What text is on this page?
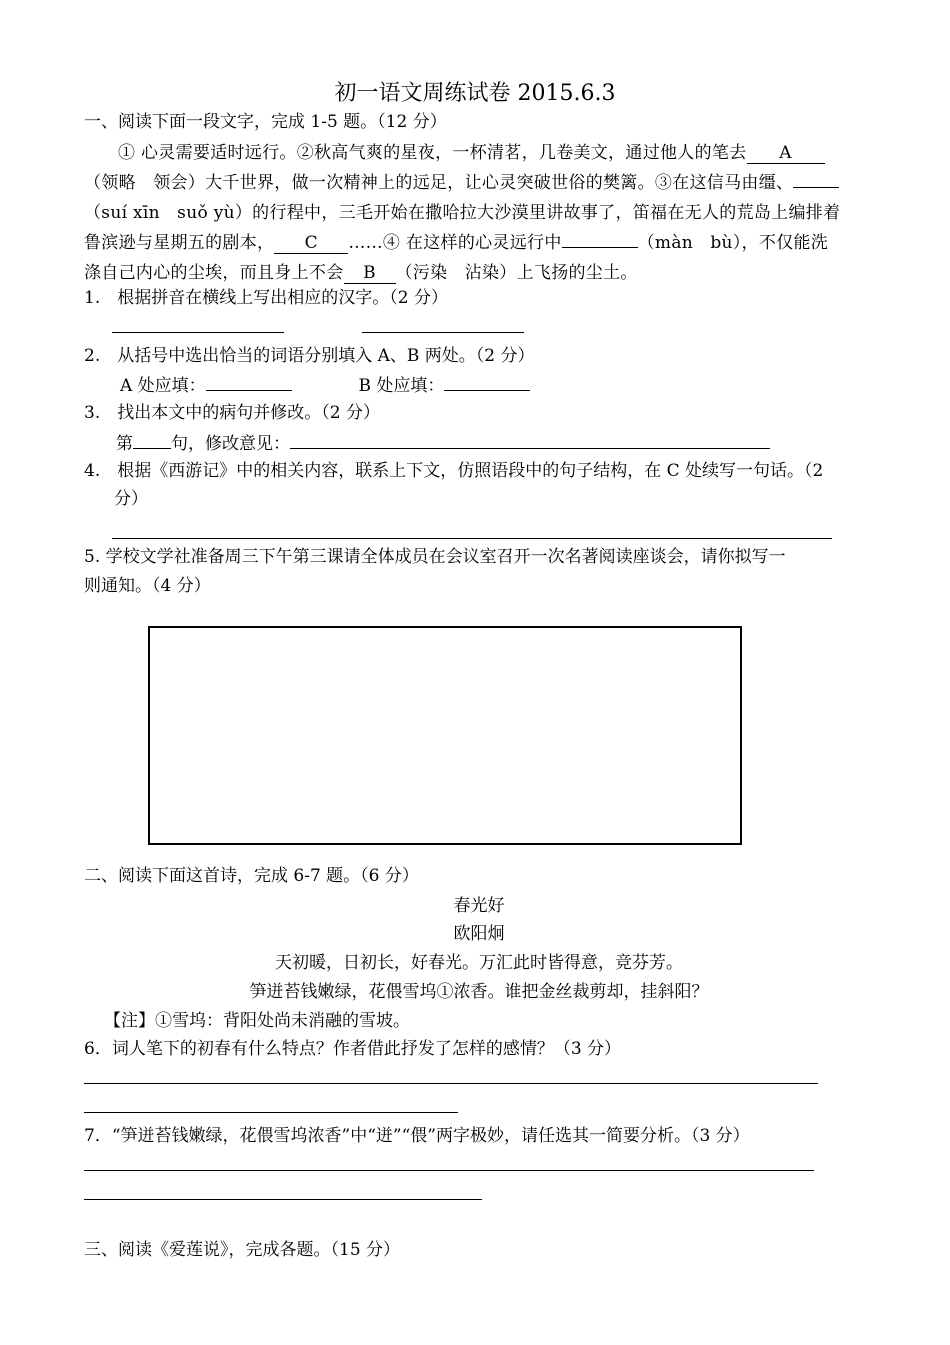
初一语文周练试卷 2015.6.3
一、阅读下面一段文字，完成 1-5 题。（12 分）
① 心灵需要适时远行。②秋高气爽的星夜，一杯清茗，几卷美文，通过他人的笔去 A
（领略　领会）大千世界，做一次精神上的远足，让心灵突破世俗的樊篱。③在这信马由缰、
（suí xīn　suǒ yù）的行程中，三毛开始在撒哈拉大沙漠里讲故事了，笛福在无人的荒岛上编排着
鲁滨逊与星期五的剧本， C ……④ 在这样的心灵远行中	（màn　bù），不仅能洗
涤自己内心的尘埃，而且身上不会 B （污染　沾染）上飞扬的尘土。
1.　根据拼音在横线上写出相应的汉字。（2 分）
2.　从括号中选出恰当的词语分别填入 A、B 两处。（2 分）
A 处应填：	B 处应填：
3.　找出本文中的病句并修改。（2 分）
第 句，修改意见：
4.　根据《西游记》中的相关内容，联系上下文，仿照语段中的句子结构，在 C 处续写一句话。（2
分）
5. 学校文学社准备周三下午第三课请全体成员在会议室召开一次名著阅读座谈会，请你拟写一
则通知。（4 分）
二、阅读下面这首诗，完成 6-7 题。（6 分）
春光好
欧阳炯
天初暖，日初长，好春光。万汇此时皆得意，竞芬芳。
笋迸苔钱嫩绿，花偎雪坞①浓香。谁把金丝裁剪却，挂斜阳？
【注】①雪坞：背阳处尚未消融的雪坡。
6．词人笔下的初春有什么特点？作者借此抒发了怎样的感情？（3 分）
7．“笋迸苔钱嫩绿，花偎雪坞浓香”中“迸”“偎”两字极妙，请任选其一简要分析。（3 分）
三、阅读《爱莲说》，完成各题。（15 分）
